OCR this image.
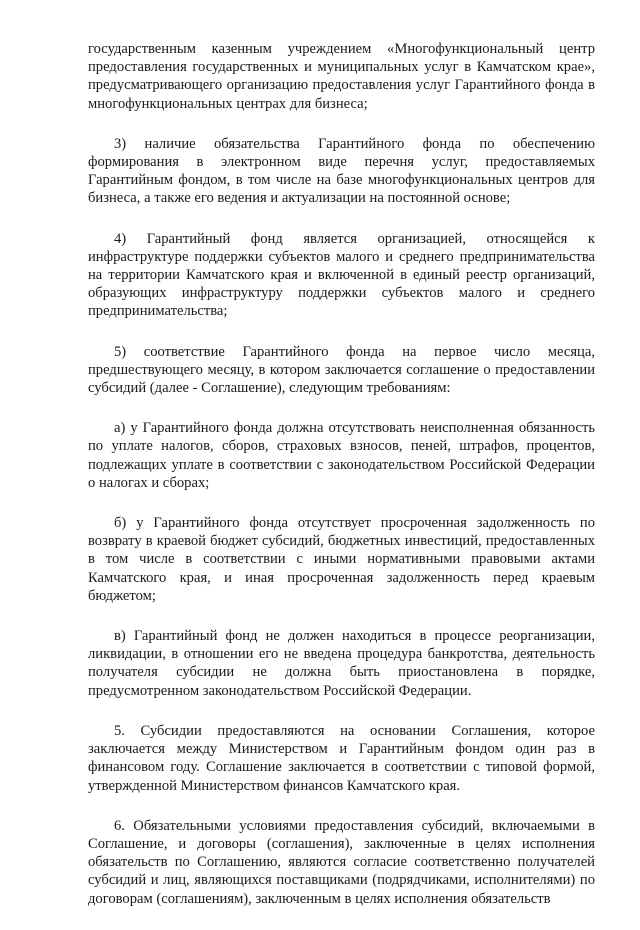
государственным казенным учреждением «Многофункциональный центр предоставления государственных и муниципальных услуг в Камчатском крае», предусматривающего организацию предоставления услуг Гарантийного фонда в многофункциональных центрах для бизнеса;

3) наличие обязательства Гарантийного фонда по обеспечению формирования в электронном виде перечня услуг, предоставляемых Гарантийным фондом, в том числе на базе многофункциональных центров для бизнеса, а также его ведения и актуализации на постоянной основе;

4) Гарантийный фонд является организацией, относящейся к инфраструктуре поддержки субъектов малого и среднего предпринимательства на территории Камчатского края и включенной в единый реестр организаций, образующих инфраструктуру поддержки субъектов малого и среднего предпринимательства;

5) соответствие Гарантийного фонда на первое число месяца, предшествующего месяцу, в котором заключается соглашение о предоставлении субсидий (далее - Соглашение), следующим требованиям:

а) у Гарантийного фонда должна отсутствовать неисполненная обязанность по уплате налогов, сборов, страховых взносов, пеней, штрафов, процентов, подлежащих уплате в соответствии с законодательством Российской Федерации о налогах и сборах;

б) у Гарантийного фонда отсутствует просроченная задолженность по возврату в краевой бюджет субсидий, бюджетных инвестиций, предоставленных в том числе в соответствии с иными нормативными правовыми актами Камчатского края, и иная просроченная задолженность перед краевым бюджетом;

в) Гарантийный фонд не должен находиться в процессе реорганизации, ликвидации, в отношении его не введена процедура банкротства, деятельность получателя субсидии не должна быть приостановлена в порядке, предусмотренном законодательством Российской Федерации.

5. Субсидии предоставляются на основании Соглашения, которое заключается между Министерством и Гарантийным фондом один раз в финансовом году. Соглашение заключается в соответствии с типовой формой, утвержденной Министерством финансов Камчатского края.

6. Обязательными условиями предоставления субсидий, включаемыми в Соглашение, и договоры (соглашения), заключенные в целях исполнения обязательств по Соглашению, являются согласие соответственно получателей субсидий и лиц, являющихся поставщиками (подрядчиками, исполнителями) по договорам (соглашениям), заключенным в целях исполнения обязательств
